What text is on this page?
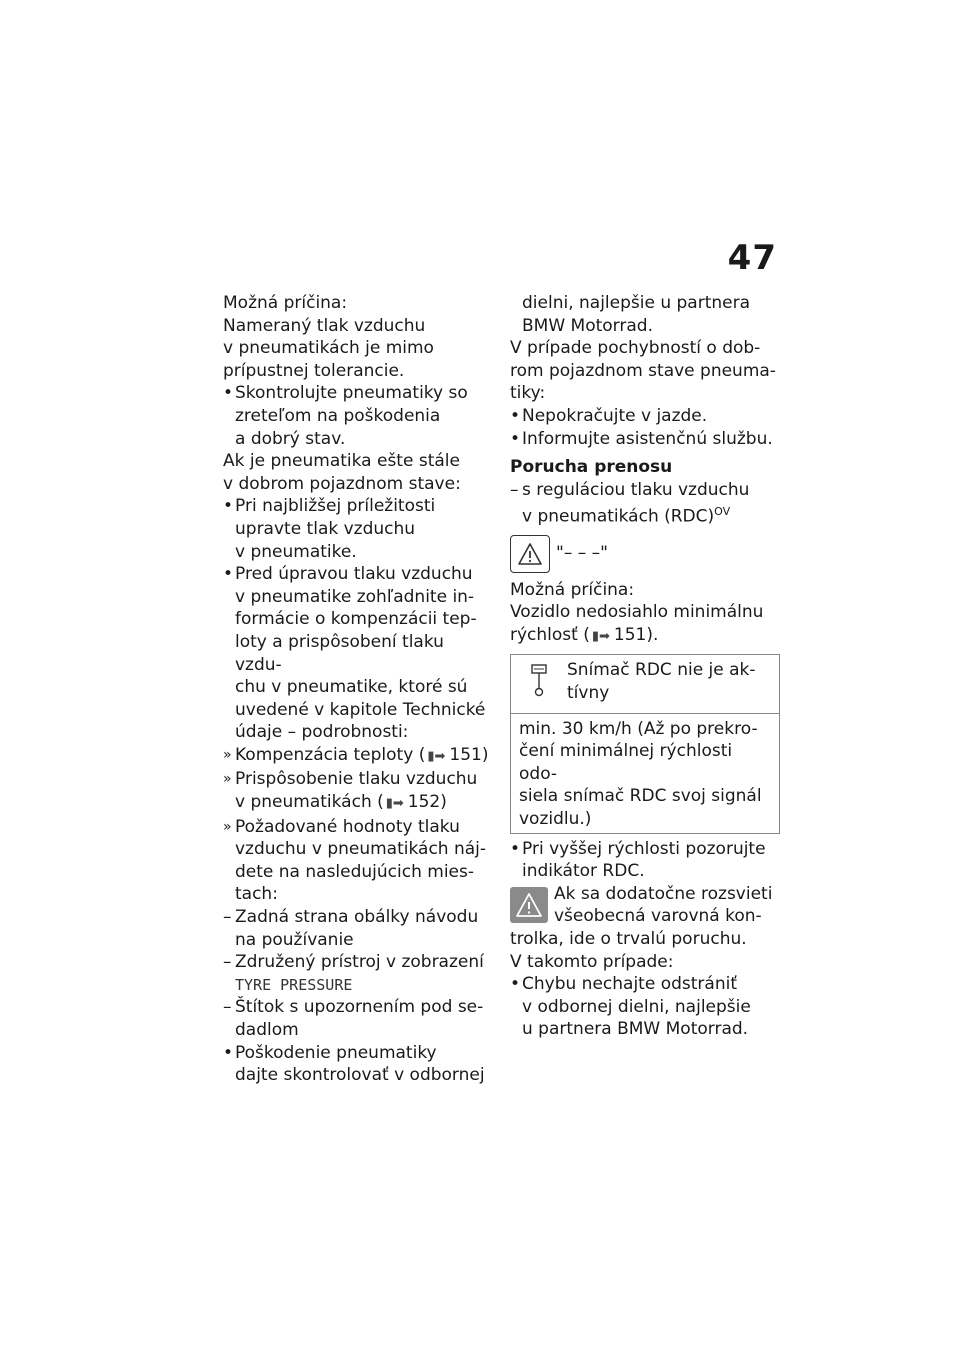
47
Možná príčina:
Nameraný tlak vzduchu
v pneumatikách je mimo
prípustnej tolerancie.
• Skontrolujte pneumatiky so
zreteľom na poškodenia
a dobrý stav.
Ak je pneumatika ešte stále
v dobrom pojazdnom stave:
• Pri najbližšej príležitosti
upravte tlak vzduchu
v pneumatike.
• Pred úpravou tlaku vzduchu
v pneumatike zohľadnite in-
formácie o kompenzácii tep-
loty a prispôsobení tlaku vzdu-
chu v pneumatike, ktoré sú
uvedené v kapitole Technické
údaje – podrobnosti:
» Kompenzácia teploty ( ▮➡ 151)
» Prispôsobenie tlaku vzduchu
v pneumatikách ( ▮➡ 152)
» Požadované hodnoty tlaku
vzduchu v pneumatikách náj-
dete na nasledujúcich mies-
tach:
– Zadná strana obálky návodu
na používanie
– Združený prístroj v zobrazení
TYRE PRESSURE
– Štítok s upozornením pod se-
dadlom
• Poškodenie pneumatiky
dajte skontrolovať v odbornej
dielni, najlepšie u partnera
BMW Motorrad.
V prípade pochybností o dob-
rom pojazdnom stave pneuma-
tiky:
• Nepokračujte v jazde.
• Informujte asistenčnú službu.
Porucha prenosu
– s reguláciou tlaku vzduchu
v pneumatikách (RDC)$^{OV}$
"– – –"
Možná príčina:
Vozidlo nedosiahlo minimálnu
rýchlosť ( ▮➡ 151).
Snímač RDC nie je ak-
tívny
min. 30 km/h (Až po prekro-
čení minimálnej rýchlosti odo-
siela snímač RDC svoj signál
vozidlu.)
• Pri vyššej rýchlosti pozorujte
indikátor RDC.
Ak sa dodatočne rozsvieti
všeobecná varovná kon-
trolka, ide o trvalú poruchu.
V takomto prípade:
• Chybu nechajte odstrániť
v odbornej dielni, najlepšie
u partnera BMW Motorrad.
